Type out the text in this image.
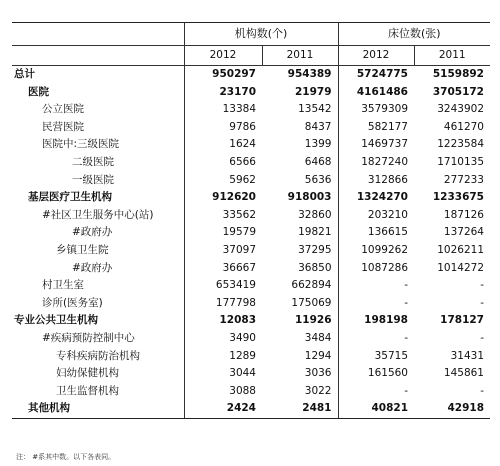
	机构数(个)		床位数(张)	
	2012	2011	2012	2011
总计	950297	954389	5724775	5159892
医院	23170	21979	4161486	3705172
公立医院	13384	13542	3579309	3243902
民营医院	9786	8437	582177	461270
医院中:三级医院	1624	1399	1469737	1223584
二级医院	6566	6468	1827240	1710135
一级医院	5962	5636	312866	277233
基层医疗卫生机构	912620	918003	1324270	1233675
#社区卫生服务中心(站)	33562	32860	203210	187126
#政府办	19579	19821	136615	137264
乡镇卫生院	37097	37295	1099262	1026211
#政府办	36667	36850	1087286	1014272
村卫生室	653419	662894	-	-
诊所(医务室)	177798	175069	-	-
专业公共卫生机构	12083	11926	198198	178127
#疾病预防控制中心	3490	3484	-	-
专科疾病防治机构	1289	1294	35715	31431
妇幼保健机构	3044	3036	161560	145861
卫生监督机构	3088	3022	-	-
其他机构	2424	2481	40821	42918
注： #系其中数。以下各表同。
